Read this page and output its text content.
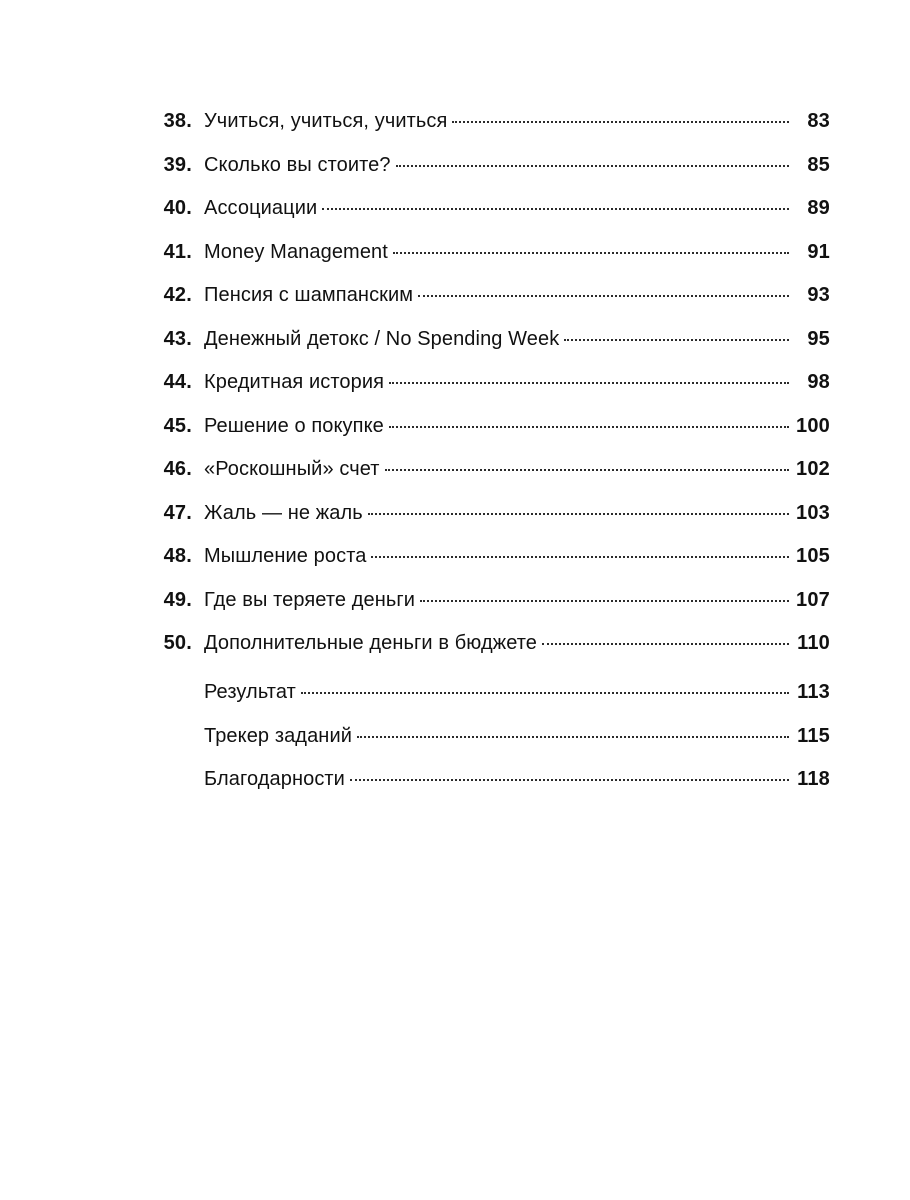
38. Учиться, учиться, учиться	83
39. Сколько вы стоите?	85
40. Ассоциации	89
41. Money Management	91
42. Пенсия с шампанским	93
43. Денежный детокс / No Spending Week	95
44. Кредитная история	98
45. Решение о покупке	100
46. «Роскошный» счет	102
47. Жаль — не жаль	103
48. Мышление роста	105
49. Где вы теряете деньги	107
50. Дополнительные деньги в бюджете	110
Результат	113
Трекер заданий	115
Благодарности	118
